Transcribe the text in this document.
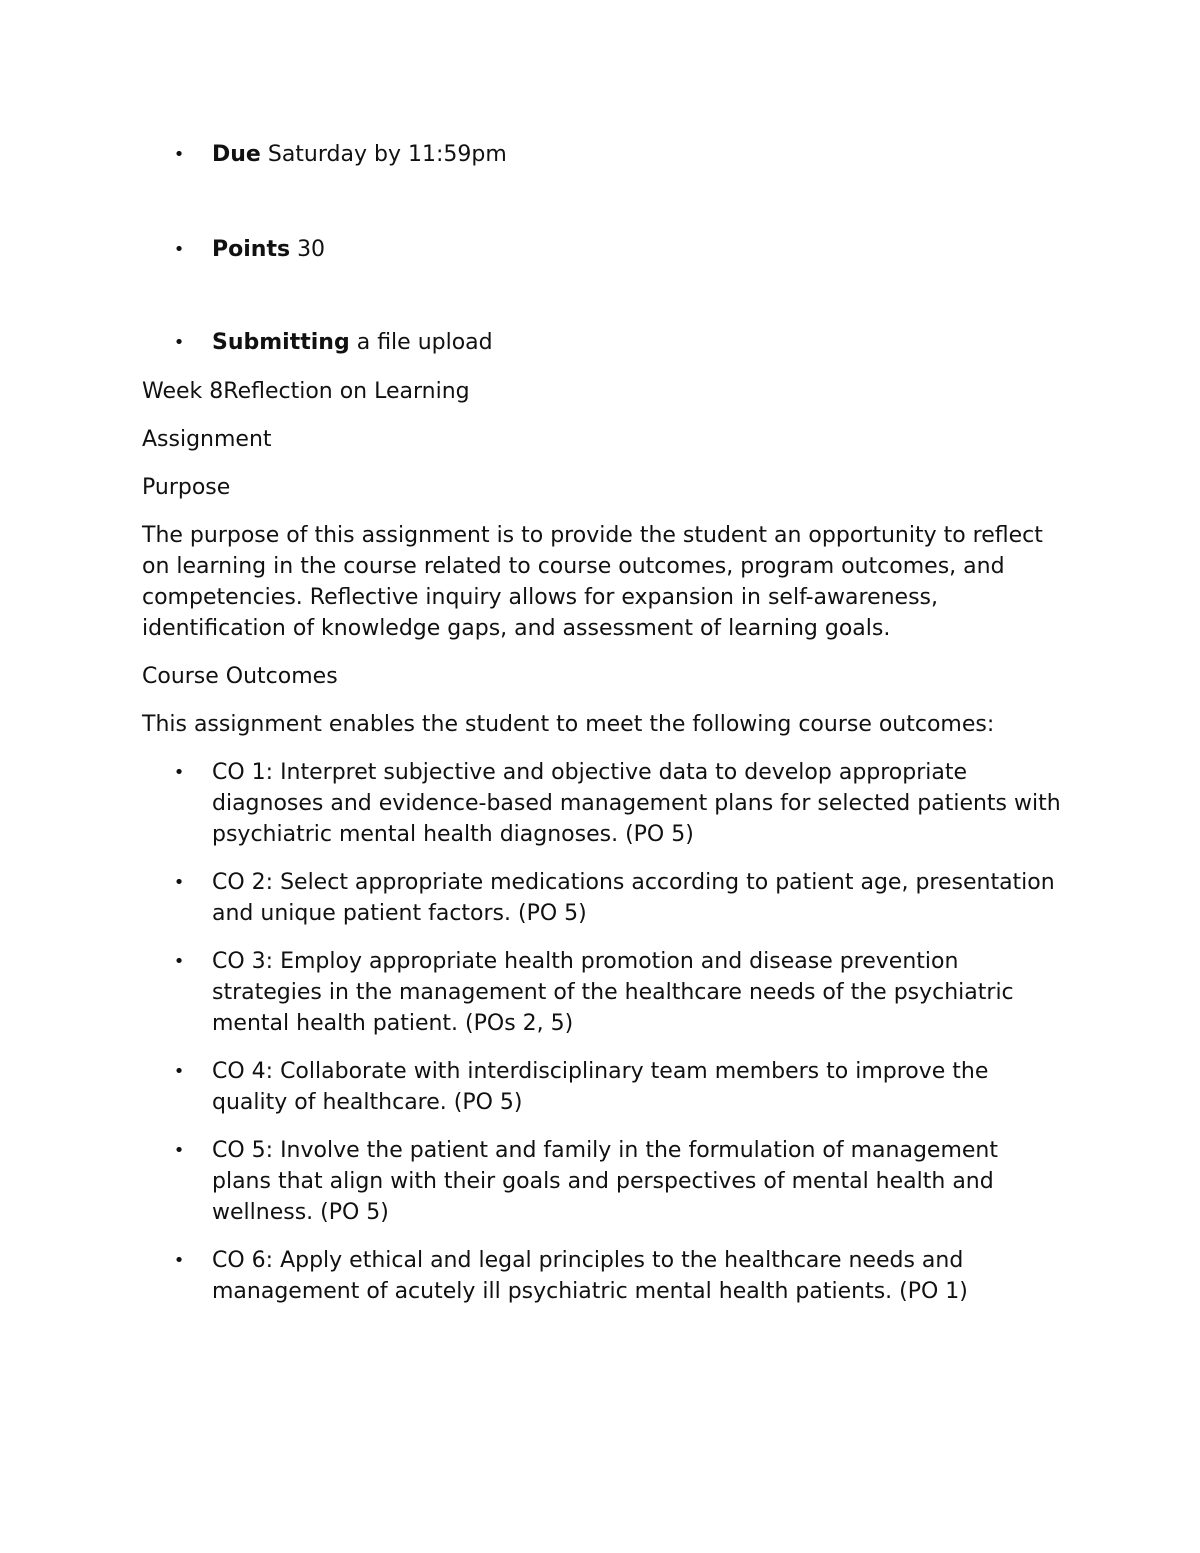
• Due Saturday by 11:59pm
• Points 30
• Submitting a file upload

Week 8Reflection on Learning

Assignment

Purpose

The purpose of this assignment is to provide the student an opportunity to reflect on learning in the course related to course outcomes, program outcomes, and competencies. Reflective inquiry allows for expansion in self-awareness, identification of knowledge gaps, and assessment of learning goals.

Course Outcomes

This assignment enables the student to meet the following course outcomes:

• CO 1: Interpret subjective and objective data to develop appropriate diagnoses and evidence-based management plans for selected patients with psychiatric mental health diagnoses. (PO 5)
• CO 2: Select appropriate medications according to patient age, presentation and unique patient factors. (PO 5)
• CO 3: Employ appropriate health promotion and disease prevention strategies in the management of the healthcare needs of the psychiatric mental health patient. (POs 2, 5)
• CO 4: Collaborate with interdisciplinary team members to improve the quality of healthcare. (PO 5)
• CO 5: Involve the patient and family in the formulation of management plans that align with their goals and perspectives of mental health and wellness. (PO 5)
• CO 6: Apply ethical and legal principles to the healthcare needs and management of acutely ill psychiatric mental health patients. (PO 1)
